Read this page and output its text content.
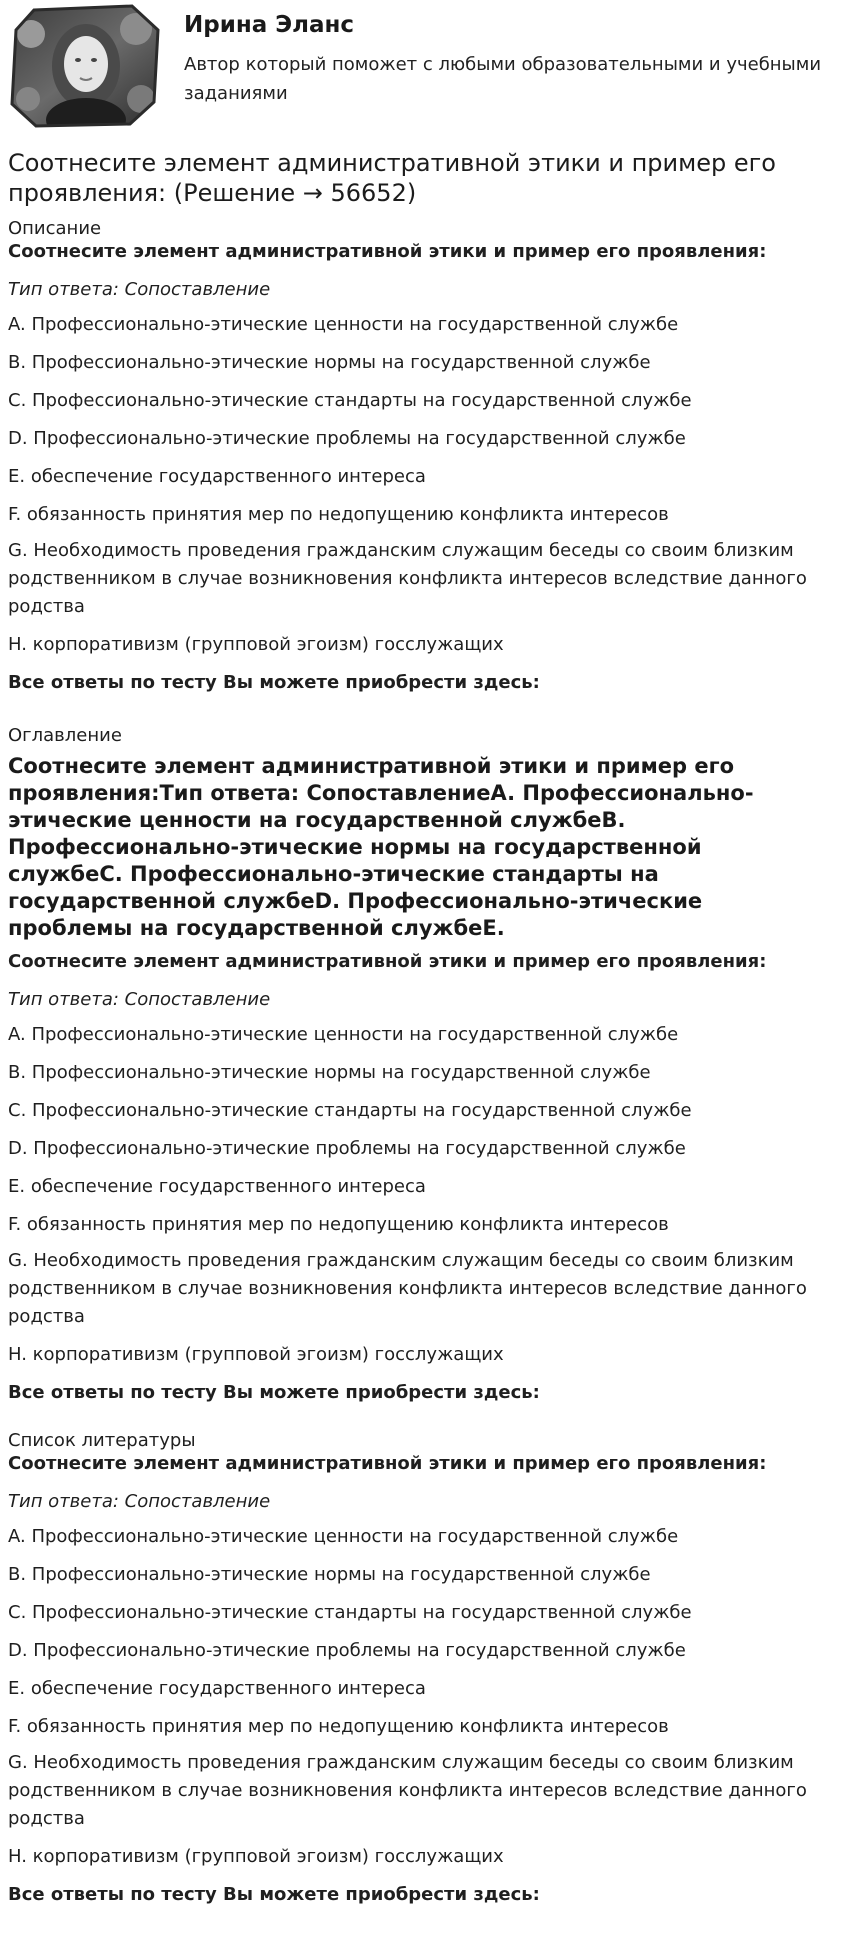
Ирина Эланс
Автор который поможет с любыми образовательными и учебными заданиями
Соотнесите элемент административной этики и пример его проявления: (Решение → 56652)
Описание
Соотнесите элемент административной этики и пример его проявления:
Тип ответа: Сопоставление
A. Профессионально-этические ценности на государственной службе
B. Профессионально-этические нормы на государственной службе
C. Профессионально-этические стандарты на государственной службе
D. Профессионально-этические проблемы на государственной службе
E. обеспечение государственного интереса
F. обязанность принятия мер по недопущению конфликта интересов
G. Необходимость проведения гражданским служащим беседы со своим близким родственником в случае возникновения конфликта интересов вследствие данного родства
H. корпоративизм (групповой эгоизм) госслужащих
Все ответы по тесту Вы можете приобрести здесь:
Оглавление
Соотнесите элемент административной этики и пример его проявления:Тип ответа: СопоставлениеA. Профессионально-этические ценности на государственной службеB. Профессионально-этические нормы на государственной службеC. Профессионально-этические стандарты на государственной службеD. Профессионально-этические проблемы на государственной службеE.
Соотнесите элемент административной этики и пример его проявления:
Тип ответа: Сопоставление
A. Профессионально-этические ценности на государственной службе
B. Профессионально-этические нормы на государственной службе
C. Профессионально-этические стандарты на государственной службе
D. Профессионально-этические проблемы на государственной службе
E. обеспечение государственного интереса
F. обязанность принятия мер по недопущению конфликта интересов
G. Необходимость проведения гражданским служащим беседы со своим близким родственником в случае возникновения конфликта интересов вследствие данного родства
H. корпоративизм (групповой эгоизм) госслужащих
Все ответы по тесту Вы можете приобрести здесь:
Список литературы
Соотнесите элемент административной этики и пример его проявления:
Тип ответа: Сопоставление
A. Профессионально-этические ценности на государственной службе
B. Профессионально-этические нормы на государственной службе
C. Профессионально-этические стандарты на государственной службе
D. Профессионально-этические проблемы на государственной службе
E. обеспечение государственного интереса
F. обязанность принятия мер по недопущению конфликта интересов
G. Необходимость проведения гражданским служащим беседы со своим близким родственником в случае возникновения конфликта интересов вследствие данного родства
H. корпоративизм (групповой эгоизм) госслужащих
Все ответы по тесту Вы можете приобрести здесь:
